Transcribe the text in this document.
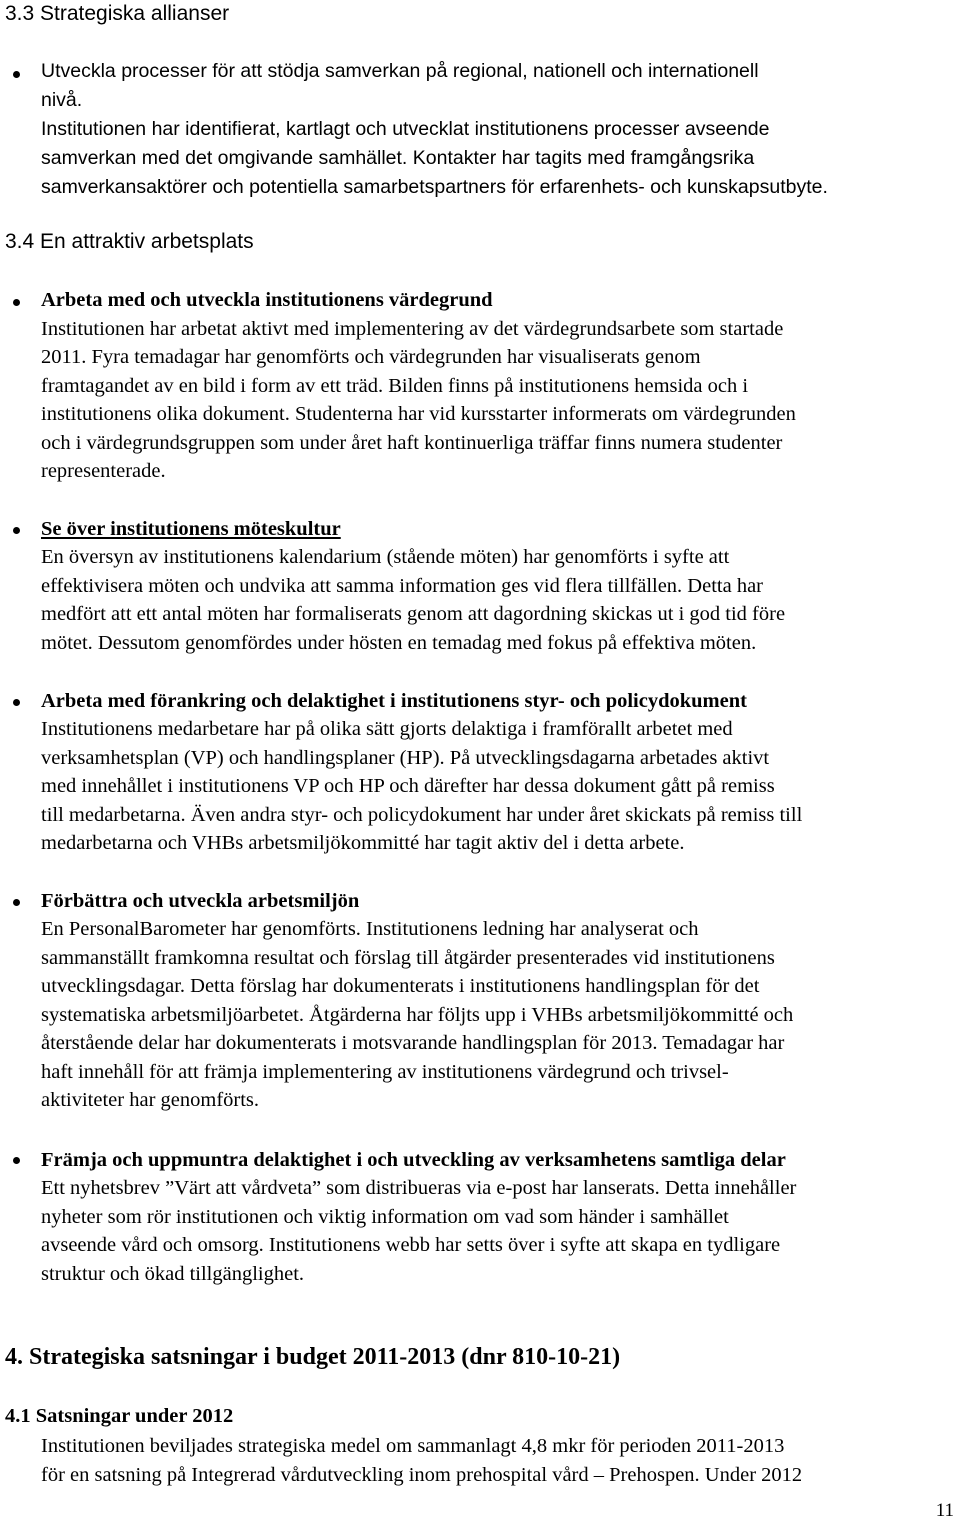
3.3 Strategiska allianser
Utveckla processer för att stödja samverkan på regional, nationell och internationell
nivå.
Institutionen har identifierat, kartlagt och utvecklat institutionens processer avseende
samverkan med det omgivande samhället. Kontakter har tagits med framgångsrika
samverkansaktörer och potentiella samarbetspartners för erfarenhets- och kunskapsutbyte.
3.4 En attraktiv arbetsplats
Arbeta med och utveckla institutionens värdegrund
Institutionen har arbetat aktivt med implementering av det värdegrundsarbete som startade
2011. Fyra temadagar har genomförts och värdegrunden har visualiserats genom
framtagandet av en bild i form av ett träd. Bilden finns på institutionens hemsida och i
institutionens olika dokument. Studenterna har vid kursstarter informerats om värdegrunden
och i värdegrundsgruppen som under året haft kontinuerliga träffar finns numera studenter
representerade.
Se över institutionens möteskultur
En översyn av institutionens kalendarium (stående möten) har genomförts i syfte att
effektivisera möten och undvika att samma information ges vid flera tillfällen. Detta har
medfört att ett antal möten har formaliserats genom att dagordning skickas ut i god tid före
mötet. Dessutom genomfördes under hösten en temadag med fokus på effektiva möten.
Arbeta med förankring och delaktighet i institutionens styr- och policydokument
Institutionens medarbetare har på olika sätt gjorts delaktiga i framförallt arbetet med
verksamhetsplan (VP) och handlingsplaner (HP). På utvecklingsdagarna arbetades aktivt
med innehållet i institutionens VP och HP och därefter har dessa dokument gått på remiss
till medarbetarna. Även andra styr- och policydokument har under året skickats på remiss till
medarbetarna och VHBs arbetsmiljökommitté har tagit aktiv del i detta arbete.
Förbättra och utveckla arbetsmiljön
En PersonalBarometer har genomförts. Institutionens ledning har analyserat och
sammanställt framkomna resultat och förslag till åtgärder presenterades vid institutionens
utvecklingsdagar. Detta förslag har dokumenterats i institutionens handlingsplan för det
systematiska arbetsmiljöarbetet. Åtgärderna har följts upp i VHBs arbetsmiljökommitté och
återstående delar har dokumenterats i motsvarande handlingsplan för 2013. Temadagar har
haft innehåll för att främja implementering av institutionens värdegrund och trivsel-
aktiviteter har genomförts.
Främja och uppmuntra delaktighet i och utveckling av verksamhetens samtliga delar
Ett nyhetsbrev ”Värt att vårdveta” som distribueras via e-post har lanserats. Detta innehåller
nyheter som rör institutionen och viktig information om vad som händer i samhället
avseende vård och omsorg. Institutionens webb har setts över i syfte att skapa en tydligare
struktur och ökad tillgänglighet.
4. Strategiska satsningar i budget 2011-2013 (dnr 810-10-21)
4.1 Satsningar under 2012
Institutionen beviljades strategiska medel om sammanlagt 4,8 mkr för perioden 2011-2013
för en satsning på Integrerad vårdutveckling inom prehospital vård – Prehospen. Under 2012
11
